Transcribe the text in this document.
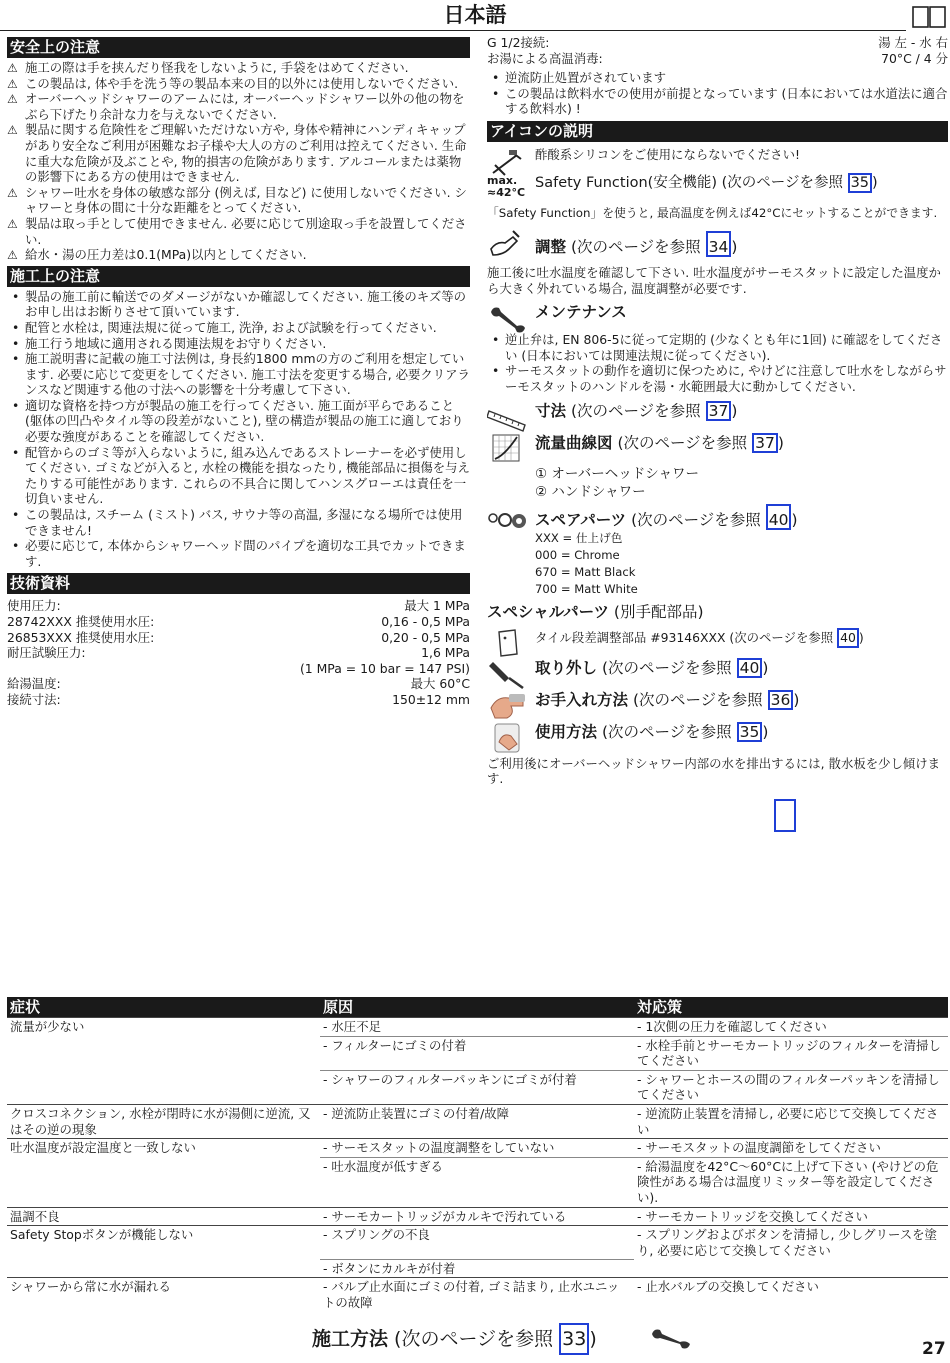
日本語
安全上の注意
⚠ 施工の際は手を挟んだり怪我をしないように, 手袋をはめてください.
⚠ この製品は, 体や手を洗う等の製品本来の目的以外には使用しないでください.
⚠ オーバーヘッドシャワーのアームには, オーバーヘッドシャワー以外の他の物をぶら下げたり余計な力を与えないでください.
⚠ 製品に関する危険性をご理解いただけない方や, 身体や精神にハンディキャップがあり安全なご利用が困難なお子様や大人の方のご利用は控えてください. 生命に重大な危険が及ぶことや, 物的損害の危険があります. アルコールまたは薬物の影響下にある方の使用はできません.
⚠ シャワー吐水を身体の敏感な部分 (例えば, 目など) に使用しないでください. シャワーと身体の間に十分な距離をとってください.
⚠ 製品は取っ手として使用できません. 必要に応じて別途取っ手を設置してください.
⚠ 給水・湯の圧力差は0.1(MPa)以内としてください.
施工上の注意
• 製品の施工前に輸送でのダメージがないか確認してください. 施工後のキズ等のお申し出はお断りさせて頂いています.
• 配管と水栓は, 関連法規に従って施工, 洗浄, および試験を行ってください.
• 施工行う地域に適用される関連法規をお守りください.
• 施工説明書に記載の施工寸法例は, 身長約1800 mmの方のご利用を想定しています. 必要に応じて変更をしてください. 施工寸法を変更する場合, 必要クリアランスなど関連する他の寸法への影響を十分考慮して下さい.
• 適切な資格を持つ方が製品の施工を行ってください. 施工面が平らであること (躯体の凹凸やタイル等の段差がないこと), 壁の構造が製品の施工に適しており必要な強度があることを確認してください.
• 配管からのゴミ等が入らないように, 組み込んであるストレーナーを必ず使用してください. ゴミなどが入ると, 水栓の機能を損なったり, 機能部品に損傷を与えたりする可能性があります. これらの不具合に関してハンスグローエは責任を一切負いません.
• この製品は, スチーム (ミスト) バス, サウナ等の高温, 多湿になる場所では使用できません!
• 必要に応じて, 本体からシャワーヘッド間のパイプを適切な工具でカットできます.
技術資料
使用圧力:	最大 1 MPa
28742XXX 推奨使用水圧:	0,16 - 0,5 MPa
26853XXX 推奨使用水圧:	0,20 - 0,5 MPa
耐圧試験圧力:	1,6 MPa
(1 MPa = 10 bar = 147 PSI)
給湯温度:	最大 60°C
接続寸法:	150±12 mm
G 1/2接続:	湯 左 - 水 右
お湯による高温消毒:	70°C / 4 分
• 逆流防止処置がされています
• この製品は飲料水での使用が前提となっています (日本においては水道法に適合する飲料水) !
アイコンの説明
酢酸系シリコンをご使用にならないでください!
max.
≈42°C
Safety Function(安全機能) (次のページを参照 35 )
「Safety Function」を使うと, 最高温度を例えば42°Cにセットすることができます.
調整 (次のページを参照 34 )
施工後に吐水温度を確認して下さい. 吐水温度がサーモスタットに設定した温度から大きく外れている場合, 温度調整が必要です.
メンテナンス
• 逆止弁は, EN 806-5に従って定期的 (少なくとも年に1回) に確認をしてください (日本においては関連法規に従ってください).
• サーモスタットの動作を適切に保つために, やけどに注意して吐水をしながらサーモスタットのハンドルを湯・水範囲最大に動かしてください.
寸法 (次のページを参照 37 )
流量曲線図 (次のページを参照 37 )
① オーバーヘッドシャワー
② ハンドシャワー
スペアパーツ (次のページを参照 40 )
XXX = 仕上げ色
000 = Chrome
670 = Matt Black
700 = Matt White
スペシャルパーツ (別手配部品)
タイル段差調整部品 #93146XXX (次のページを参照 40 )
取り外し (次のページを参照 40 )
お手入れ方法 (次のページを参照 36 )
使用方法 (次のページを参照 35 )
ご利用後にオーバーヘッドシャワー内部の水を排出するには, 散水板を少し傾けます.
症状	原因	対応策
流量が少ない	- 水圧不足	- 1次側の圧力を確認してください
	- フィルターにゴミの付着	- 水栓手前とサーモカートリッジのフィルターを清掃してください
	- シャワーのフィルターパッキンにゴミが付着	- シャワーとホースの間のフィルターパッキンを清掃してください
クロスコネクション, 水栓が閉時に水が湯側に逆流, 又はその逆の現象	- 逆流防止装置にゴミの付着/故障	- 逆流防止装置を清掃し, 必要に応じて交換してください
吐水温度が設定温度と一致しない	- サーモスタットの温度調整をしていない	- サーモスタットの温度調節をしてください
	- 吐水温度が低すぎる	- 給湯温度を42°C〜60°Cに上げて下さい (やけどの危険性がある場合は温度リミッター等を設定してください).
温調不良	- サーモカートリッジがカルキで汚れている	- サーモカートリッジを交換してください
Safety Stopボタンが機能しない	- スプリングの不良	- スプリングおよびボタンを清掃し, 少しグリースを塗り, 必要に応じて交換してください
	- ボタンにカルキが付着	
シャワーから常に水が漏れる	- バルブ止水面にゴミの付着, ゴミ詰まり, 止水ユニットの故障	- 止水バルブの交換してください
施工方法 (次のページを参照 33 )	27
